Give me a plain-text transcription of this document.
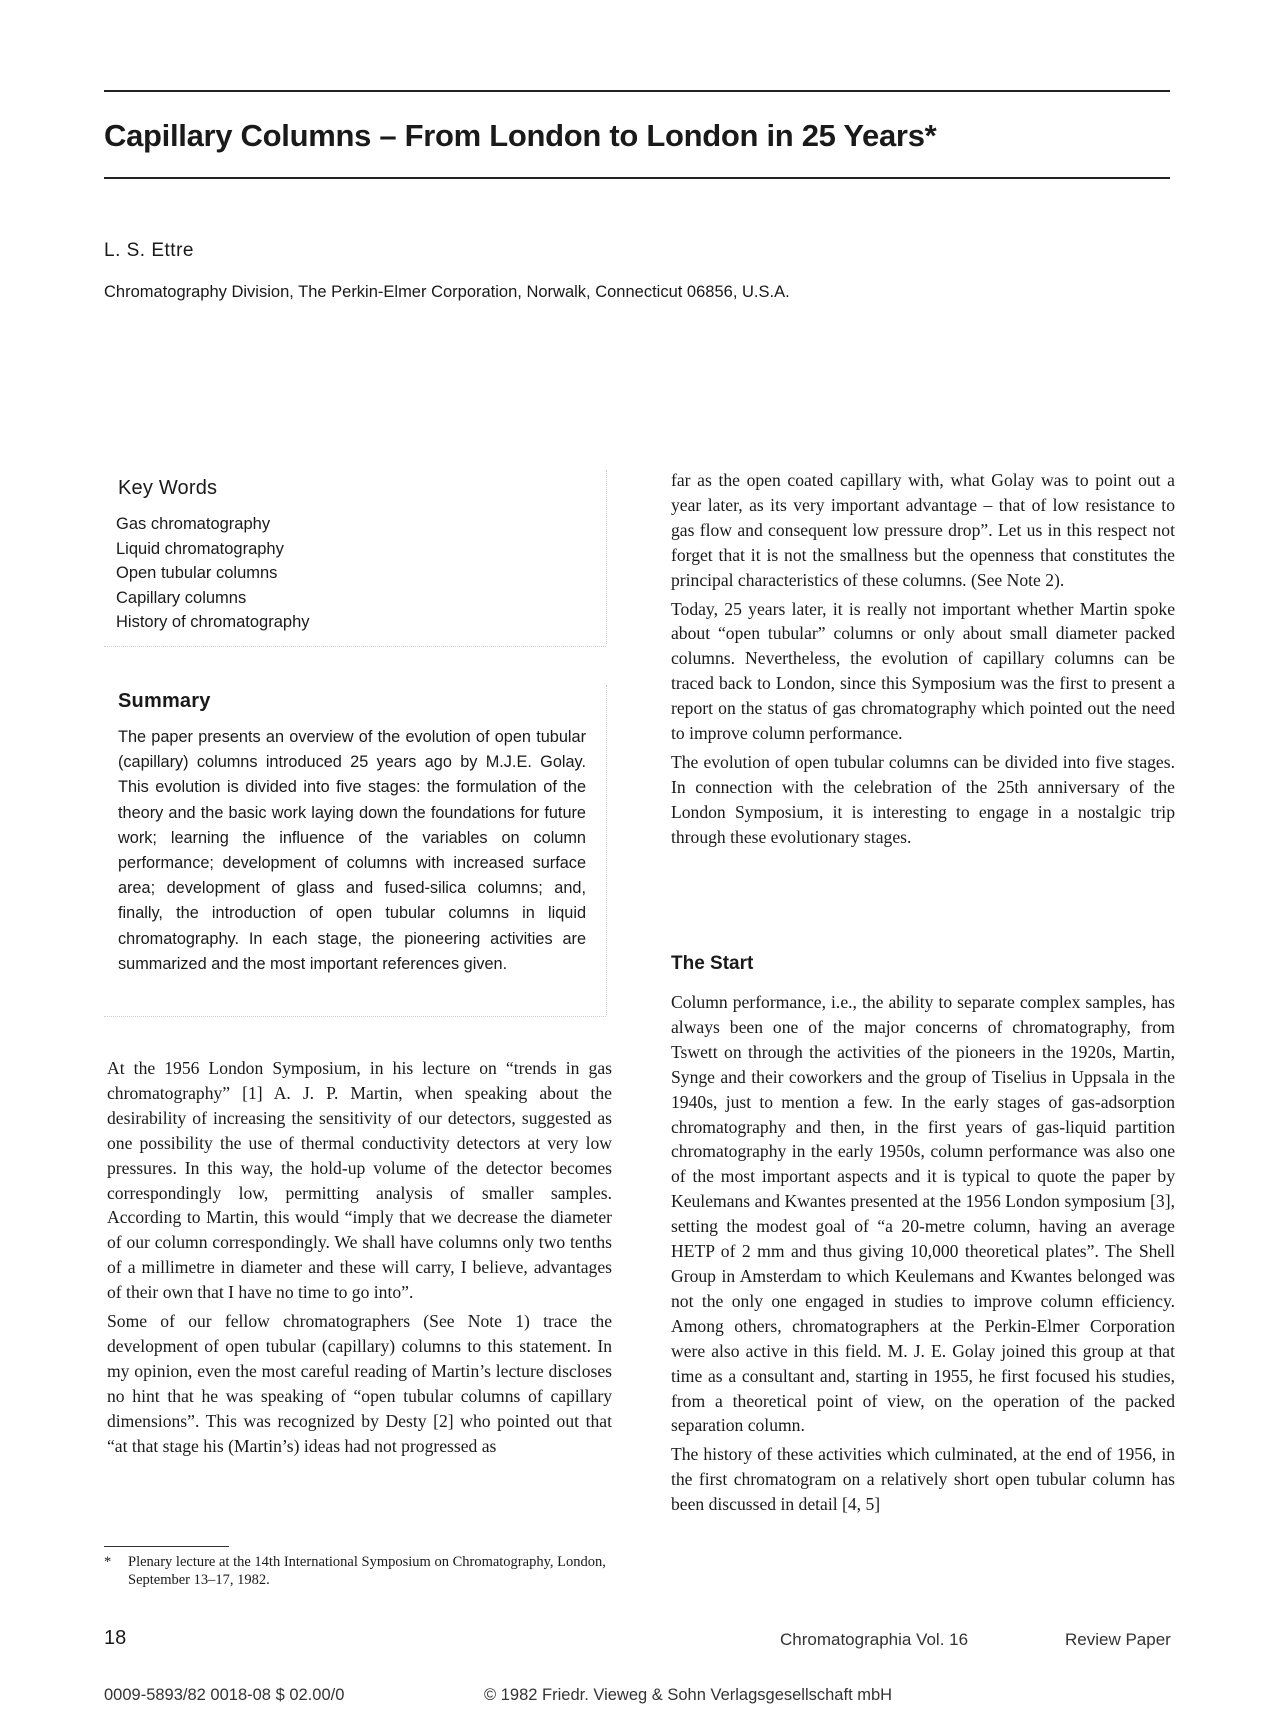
Capillary Columns – From London to London in 25 Years*
L. S. Ettre
Chromatography Division, The Perkin-Elmer Corporation, Norwalk, Connecticut 06856, U.S.A.
Key Words
Gas chromatography
Liquid chromatography
Open tubular columns
Capillary columns
History of chromatography
Summary

The paper presents an overview of the evolution of open tubular (capillary) columns introduced 25 years ago by M.J.E. Golay. This evolution is divided into five stages: the formulation of the theory and the basic work laying down the foundations for future work; learning the influence of the variables on column performance; development of columns with increased surface area; development of glass and fused-silica columns; and, finally, the introduction of open tubular columns in liquid chromatography. In each stage, the pioneering activities are summarized and the most important references given.

At the 1956 London Symposium, in his lecture on “trends in gas chromatography” [1] A. J. P. Martin, when speaking about the desirability of increasing the sensitivity of our detectors, suggested as one possibility the use of thermal conductivity detectors at very low pressures. In this way, the hold-up volume of the detector becomes correspondingly low, permitting analysis of smaller samples. According to Martin, this would “imply that we decrease the diameter of our column correspondingly. We shall have columns only two tenths of a millimetre in diameter and these will carry, I believe, advantages of their own that I have no time to go into”.

Some of our fellow chromatographers (See Note 1) trace the development of open tubular (capillary) columns to this statement. In my opinion, even the most careful reading of Martin’s lecture discloses no hint that he was speaking of “open tubular columns of capillary dimensions”. This was recognized by Desty [2] who pointed out that “at that stage his (Martin’s) ideas had not progressed as

far as the open coated capillary with, what Golay was to point out a year later, as its very important advantage – that of low resistance to gas flow and consequent low pressure drop”. Let us in this respect not forget that it is not the smallness but the openness that constitutes the principal characteristics of these columns. (See Note 2).

Today, 25 years later, it is really not important whether Martin spoke about “open tubular” columns or only about small diameter packed columns. Nevertheless, the evolution of capillary columns can be traced back to London, since this Symposium was the first to present a report on the status of gas chromatography which pointed out the need to improve column performance.

The evolution of open tubular columns can be divided into five stages. In connection with the celebration of the 25th anniversary of the London Symposium, it is interesting to engage in a nostalgic trip through these evolutionary stages.

The Start

Column performance, i.e., the ability to separate complex samples, has always been one of the major concerns of chromatography, from Tswett on through the activities of the pioneers in the 1920s, Martin, Synge and their coworkers and the group of Tiselius in Uppsala in the 1940s, just to mention a few. In the early stages of gas-adsorption chromatography and then, in the first years of gas-liquid partition chromatography in the early 1950s, column performance was also one of the most important aspects and it is typical to quote the paper by Keulemans and Kwantes presented at the 1956 London symposium [3], setting the modest goal of “a 20-metre column, having an average HETP of 2 mm and thus giving 10,000 theoretical plates”. The Shell Group in Amsterdam to which Keulemans and Kwantes belonged was not the only one engaged in studies to improve column efficiency. Among others, chromatographers at the Perkin-Elmer Corporation were also active in this field. M. J. E. Golay joined this group at that time as a consultant and, starting in 1955, he first focused his studies, from a theoretical point of view, on the operation of the packed separation column.

The history of these activities which culminated, at the end of 1956, in the first chromatogram on a relatively short open tubular column has been discussed in detail [4, 5]

* Plenary lecture at the 14th International Symposium on Chromatography, London, September 13–17, 1982.
18	Chromatographia Vol. 16	Review Paper
0009-5893/82 0018-08 $ 02.00/0	© 1982 Friedr. Vieweg & Sohn Verlagsgesellschaft mbH
